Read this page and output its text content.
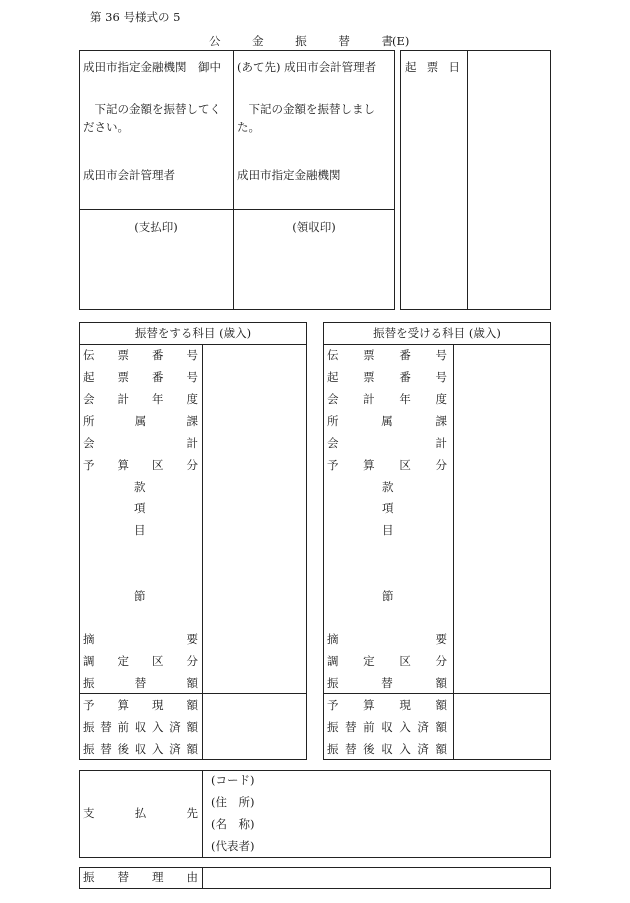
第 36 号様式の 5
公	金	振	替	書 (E)
成田市指定金融機関　御中
　下記の金額を振替してください。
成田市会計管理者
(支払印)
(あて先) 成田市会計管理者
　下記の金額を振替しました。
成田市指定金融機関
(領収印)
起 票 日
振替をする科目 (歳入)
伝 票 番 号
起 票 番 号
会 計 年 度
所	属	課
会	計
予 算 区 分
款
項
目
節
摘	要
調 定 区 分
振	替	額
予 算 現 額
振 替 前 収 入 済 額
振 替 後 収 入 済 額
振替を受ける科目 (歳入)
伝 票 番 号
起 票 番 号
会 計 年 度
所	属	課
会	計
予 算 区 分
款
項
目
節
摘	要
調 定 区 分
振	替	額
予 算 現 額
振 替 前 収 入 済 額
振 替 後 収 入 済 額
支	払	先
(コード)
(住　所)
(名　称)
(代表者)
振 替 理 由
